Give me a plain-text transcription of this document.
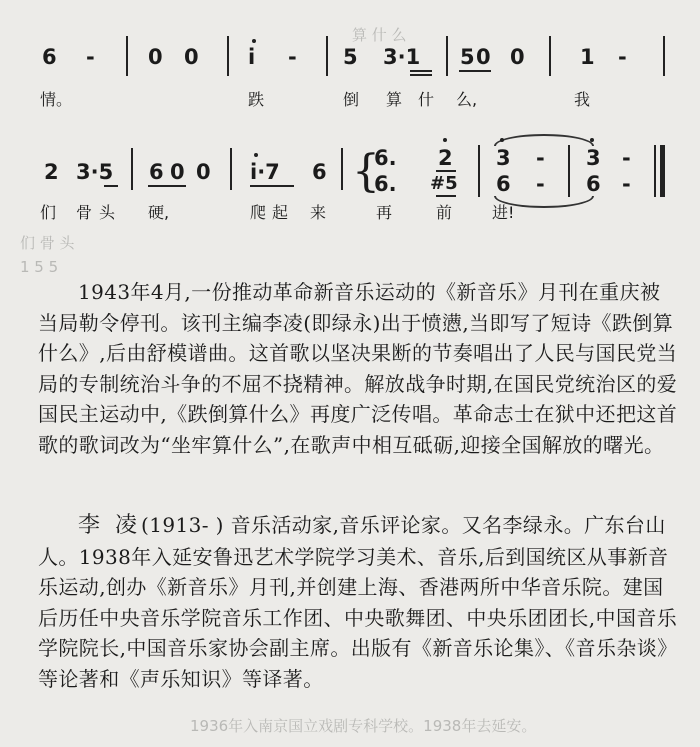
算 什 么
们 骨 头
1 5 5
1936年入南京国立戏剧专科学校。1938年去延安。
6 -	0 0 i - 5 3·1 5 0 0	1 -
情。	跌	倒 算 什 么,	我
2 3·5 6 0 0 i·7 6 {
6.
6.
2
#5
3 -
6 -
3 -
6 -
们 骨 头 硬,	爬 起 来	再	前 进!

1943年4月,一份推动革命新音乐运动的《新音乐》月刊在重庆被当局勒令停刊。该刊主编李凌(即绿永)出于愤懑,当即写了短诗《跌倒算什么》,后由舒模谱曲。这首歌以坚决果断的节奏唱出了人民与国民党当局的专制统治斗争的不屈不挠精神。解放战争时期,在国民党统治区的爱国民主运动中,《跌倒算什么》再度广泛传唱。革命志士在狱中还把这首歌的歌词改为“坐牢算什么”,在歌声中相互砥砺,迎接全国解放的曙光。

李 凌(1913- ) 音乐活动家,音乐评论家。又名李绿永。广东台山人。1938年入延安鲁迅艺术学院学习美术、音乐,后到国统区从事新音乐运动,创办《新音乐》月刊,并创建上海、香港两所中华音乐院。建国后历任中央音乐学院音乐工作团、中央歌舞团、中央乐团团长,中国音乐学院院长,中国音乐家协会副主席。出版有《新音乐论集》、《音乐杂谈》等论著和《声乐知识》等译著。
